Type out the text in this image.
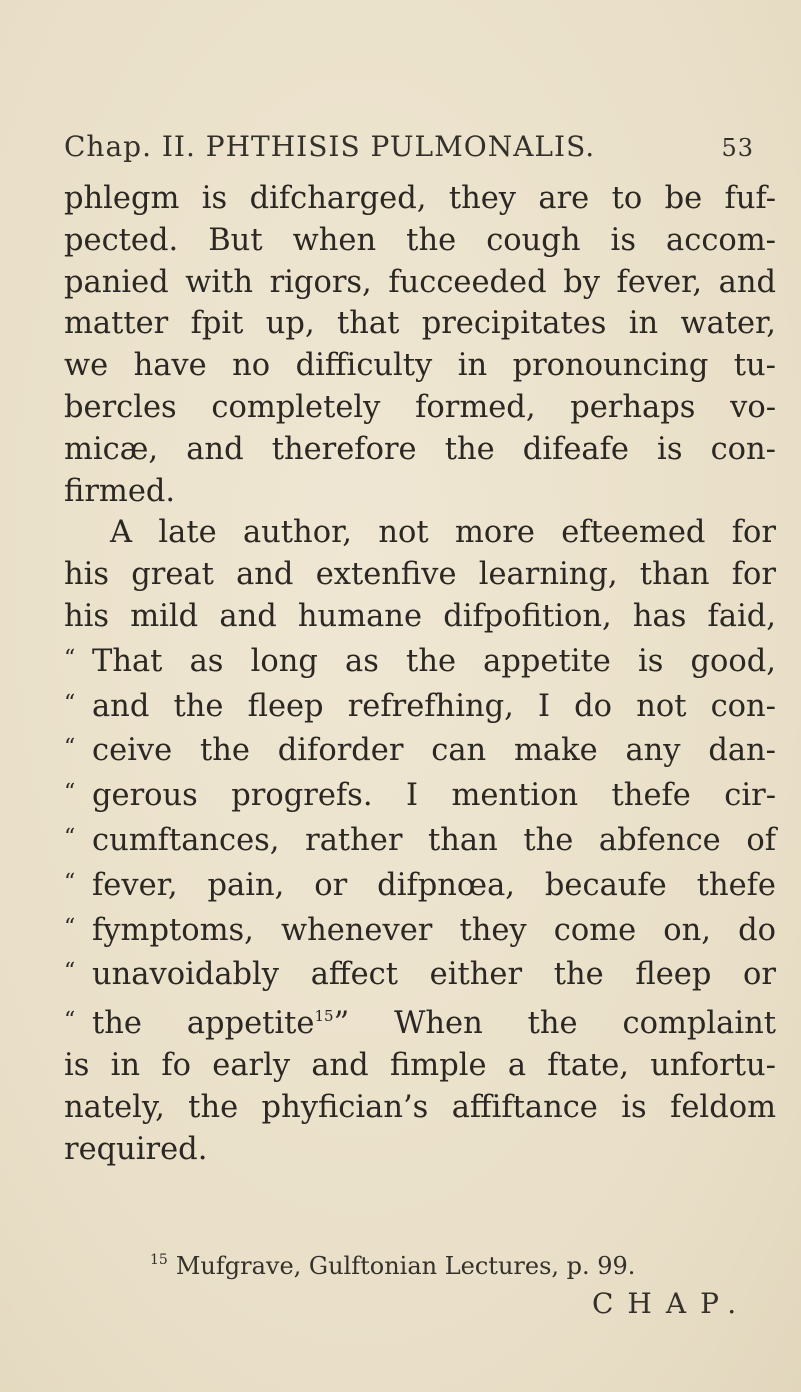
Chap. II. PHTHISIS PULMONALIS.	53
phlegm is difcharged, they are to be fuf-
pected. But when the cough is accom-
panied with rigors, fucceeded by fever, and
matter fpit up, that precipitates in water,
we have no difficulty in pronouncing tu-
bercles completely formed, perhaps vo-
micæ, and therefore the difeafe is con-
firmed.
A late author, not more efteemed for
his great and extenfive learning, than for
his mild and humane difpofition, has faid,
“ That as long as the appetite is good,
“ and the fleep refrefhing, I do not con-
“ ceive the diforder can make any dan-
“ gerous progrefs. I mention thefe cir-
“ cumftances, rather than the abfence of
“ fever, pain, or difpnœa, becaufe thefe
“ fymptoms, whenever they come on, do
“ unavoidably affect either the fleep or
“ the appetite$^{15}$” When the complaint
is in fo early and fimple a ftate, unfortu-
nately, the phyfician’s affiftance is feldom
required.
$^{15}$ Mufgrave, Gulftonian Lectures, p. 99.
CHAP.
